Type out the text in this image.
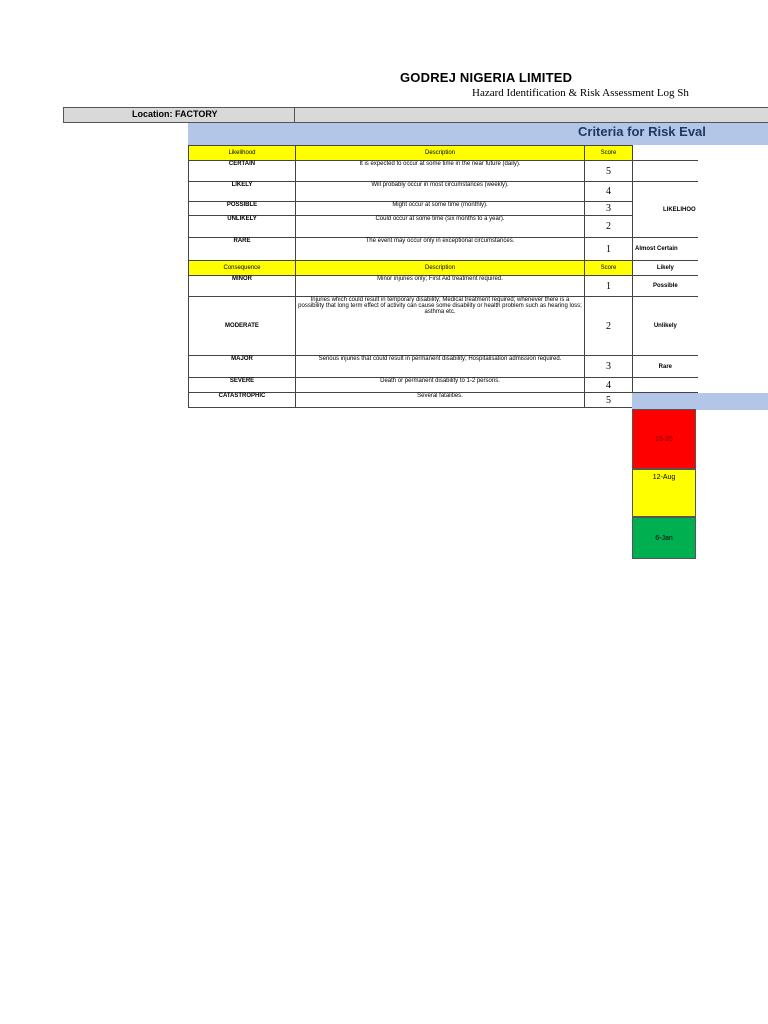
GODREJ NIGERIA LIMITED
Hazard Identification & Risk Assessment Log Sh
Location: FACTORY
Criteria for Risk Eval
Likelihood	Description	Score	
CERTAIN	It is expected to occur at some time in the near future (daily).	5	
LIKELY	Will probably occur in most circumstances (weekly).	4	LIKELIHOO
POSSIBLE	Might occur at some time (monthly).	3	
UNLIKELY	Could occur at some time (six months to a year).	2	
RARE	The event may occur only in exceptional circumstances.	1	Almost Certain
Consequence	Description	Score	Likely
MINOR	Minor injuries only; First Aid treatment required.	1	Possible
MODERATE	Injuries which could result in temporary disability; Medical treatment required; whenever there is a possibility that long term effect of activity can cause some disability or health problem such as hearing loss; asthma etc.	2	Unlikely
MAJOR	Serious injuries that could result in permanent disability; Hospitalisation admission required.	3	Rare
SEVERE	Death or permanent disability to 1-2 persons.	4	
CATASTROPHIC	Several fatalities.	5	
15-25
12-Aug
6-Jan
